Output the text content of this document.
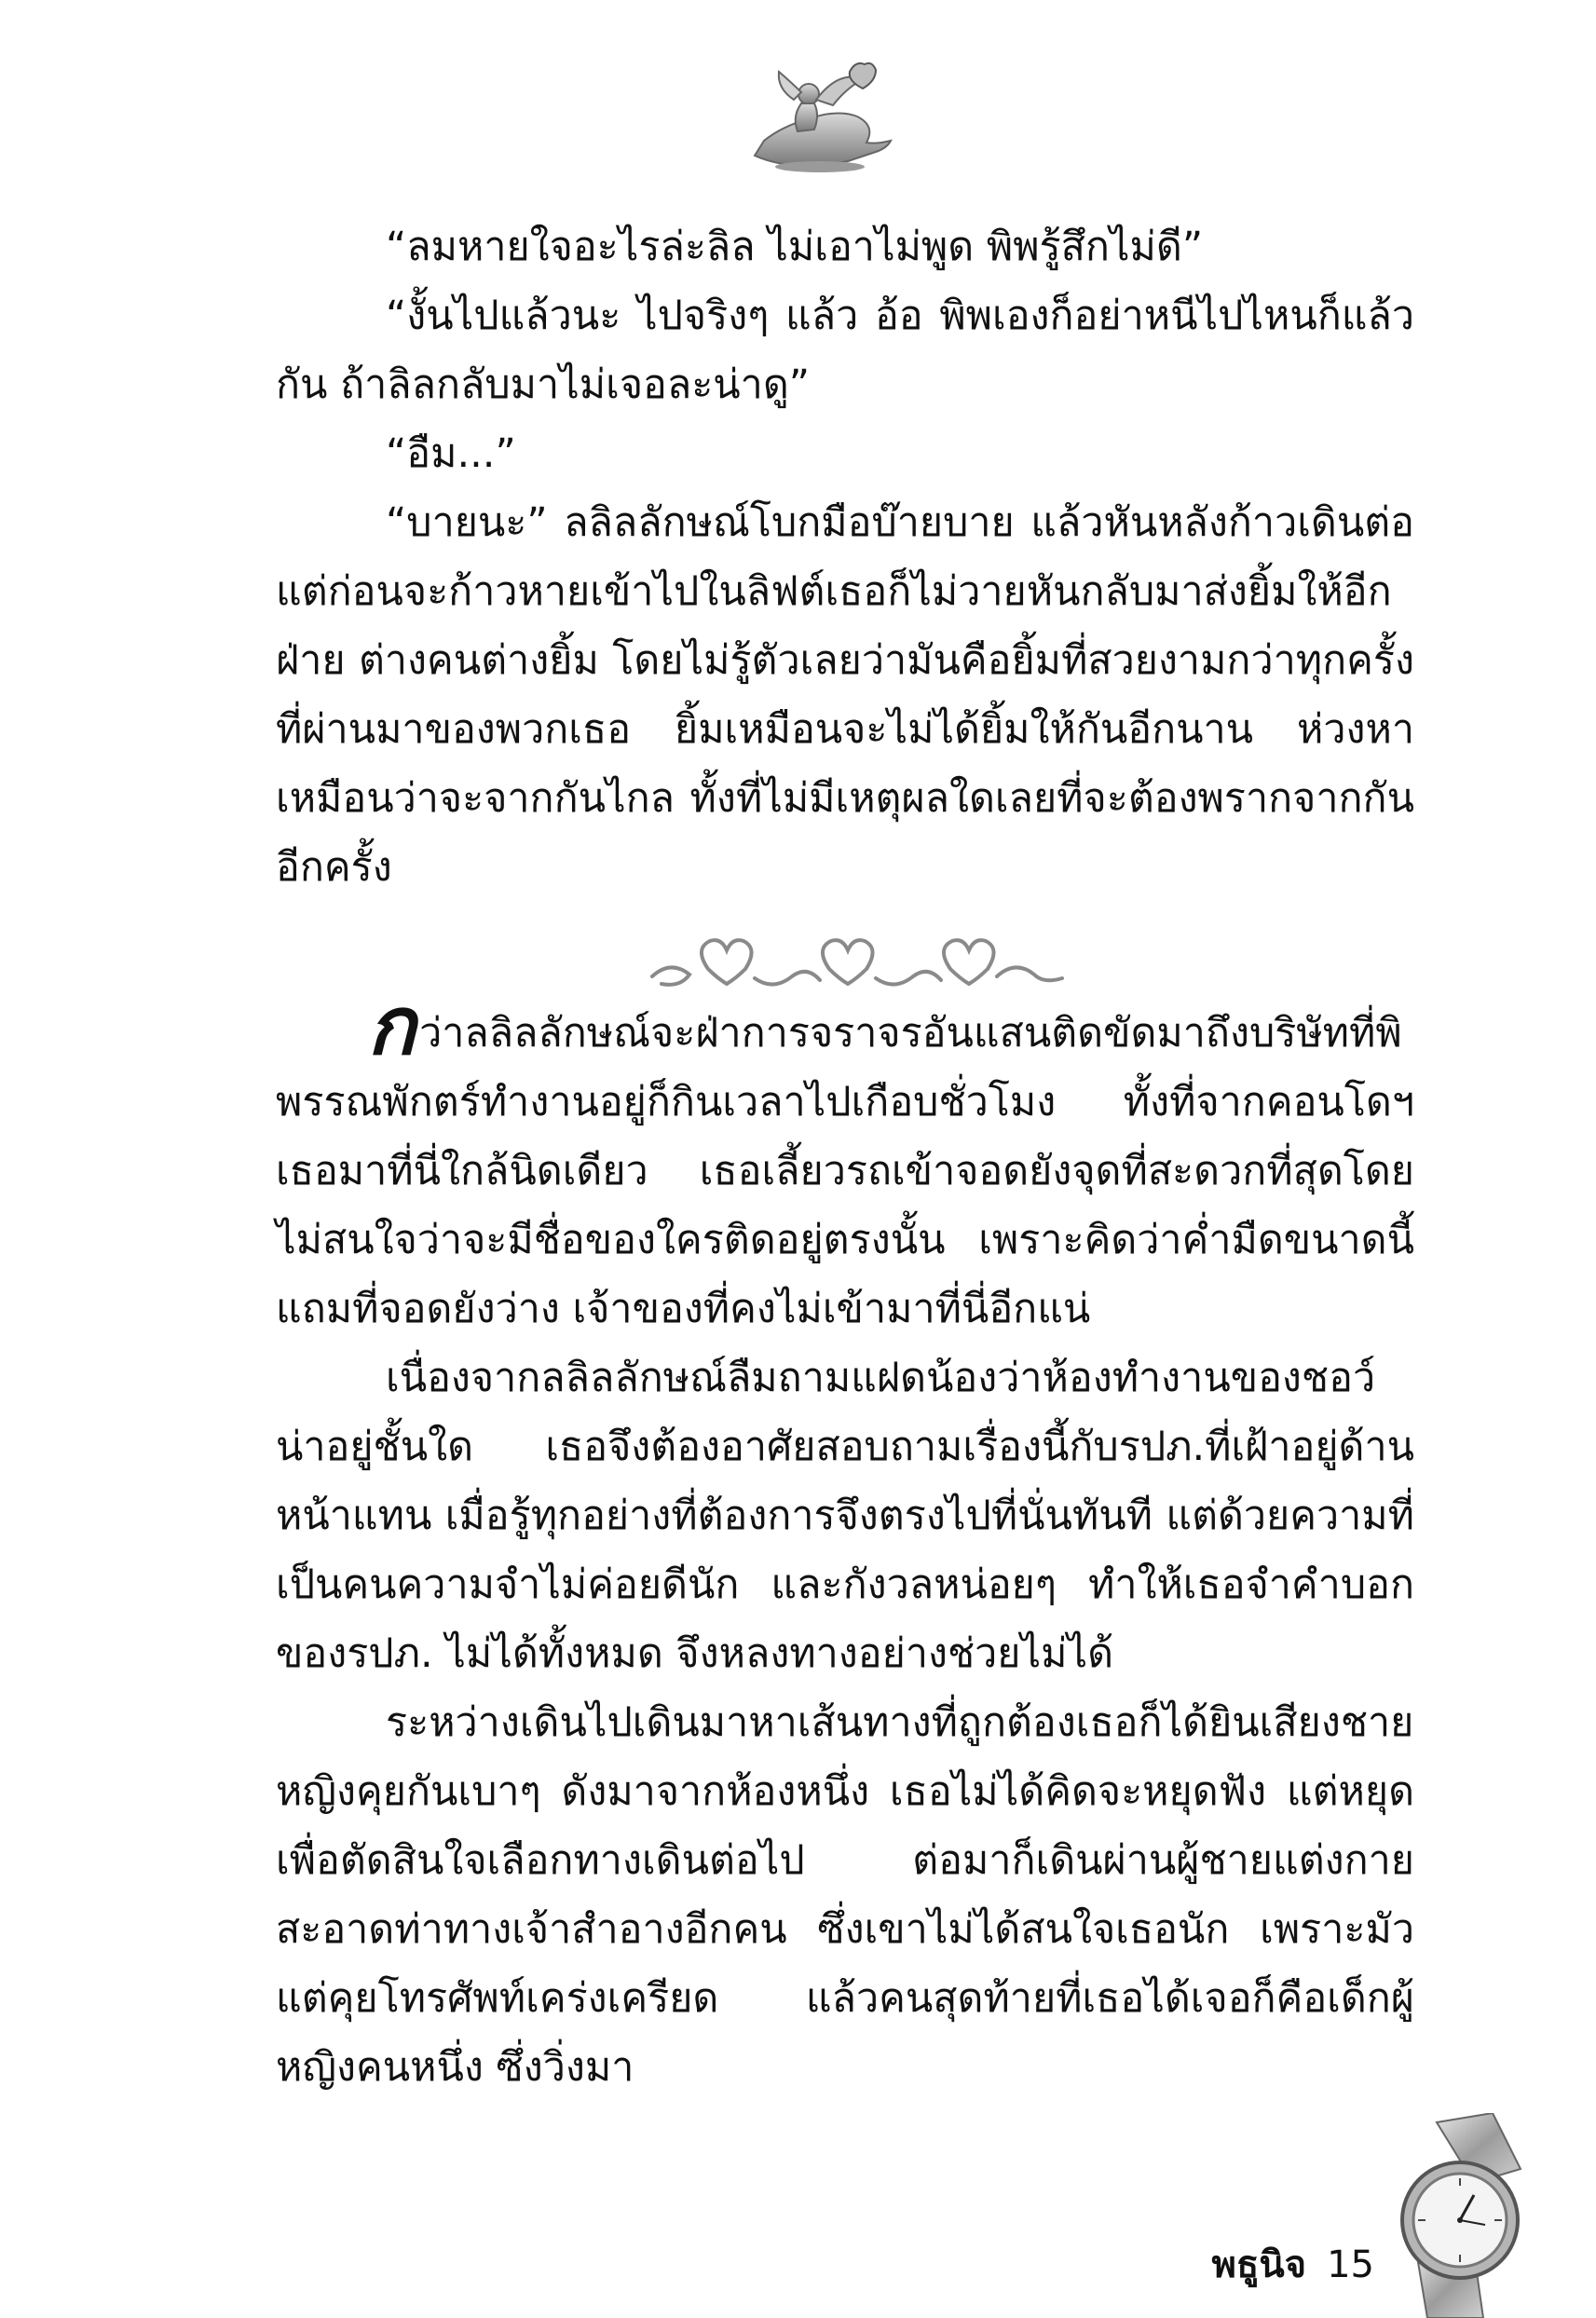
“ลมหายใจอะไรล่ะลิล ไม่เอาไม่พูด พิพรู้สึกไม่ดี”

“งั้นไปแล้วนะ ไปจริงๆ แล้ว อ้อ พิพเองก็อย่าหนีไปไหนก็แล้วกัน ถ้าลิลกลับมาไม่เจอละน่าดู”

“อืม...”

“บายนะ” ลลิลลักษณ์โบกมือบ๊ายบาย แล้วหันหลังก้าวเดินต่อ แต่ก่อนจะก้าวหายเข้าไปในลิฟต์เธอก็ไม่วายหันกลับมาส่งยิ้มให้อีกฝ่าย ต่างคนต่างยิ้ม โดยไม่รู้ตัวเลยว่ามันคือยิ้มที่สวยงามกว่าทุกครั้งที่ผ่านมาของพวกเธอ ยิ้มเหมือนจะไม่ได้ยิ้มให้กันอีกนาน ห่วงหาเหมือนว่าจะจากกันไกล ทั้งที่ไม่มีเหตุผลใดเลยที่จะต้องพรากจากกันอีกครั้ง

กว่าลลิลลักษณ์จะฝ่าการจราจรอันแสนติดขัดมาถึงบริษัทที่พิพรรณพักตร์ทำงานอยู่ก็กินเวลาไปเกือบชั่วโมง ทั้งที่จากคอนโดฯ เธอมาที่นี่ใกล้นิดเดียว เธอเลี้ยวรถเข้าจอดยังจุดที่สะดวกที่สุดโดยไม่สนใจว่าจะมีชื่อของใครติดอยู่ตรงนั้น เพราะคิดว่าค่ำมืดขนาดนี้ แถมที่จอดยังว่าง เจ้าของที่คงไม่เข้ามาที่นี่อีกแน่

เนื่องจากลลิลลักษณ์ลืมถามแฝดน้องว่าห้องทำงานของชอว์น่าอยู่ชั้นใด เธอจึงต้องอาศัยสอบถามเรื่องนี้กับรปภ.ที่เฝ้าอยู่ด้านหน้าแทน เมื่อรู้ทุกอย่างที่ต้องการจึงตรงไปที่นั่นทันที แต่ด้วยความที่เป็นคนความจำไม่ค่อยดีนัก และกังวลหน่อยๆ ทำให้เธอจำคำบอกของรปภ. ไม่ได้ทั้งหมด จึงหลงทางอย่างช่วยไม่ได้

ระหว่างเดินไปเดินมาหาเส้นทางที่ถูกต้องเธอก็ได้ยินเสียงชายหญิงคุยกันเบาๆ ดังมาจากห้องหนึ่ง เธอไม่ได้คิดจะหยุดฟัง แต่หยุดเพื่อตัดสินใจเลือกทางเดินต่อไป ต่อมาก็เดินผ่านผู้ชายแต่งกายสะอาดท่าทางเจ้าสำอางอีกคน ซึ่งเขาไม่ได้สนใจเธอนัก เพราะมัวแต่คุยโทรศัพท์เคร่งเครียด แล้วคนสุดท้ายที่เธอได้เจอก็คือเด็กผู้หญิงคนหนึ่ง ซึ่งวิ่งมา

พธูนิจ 15
